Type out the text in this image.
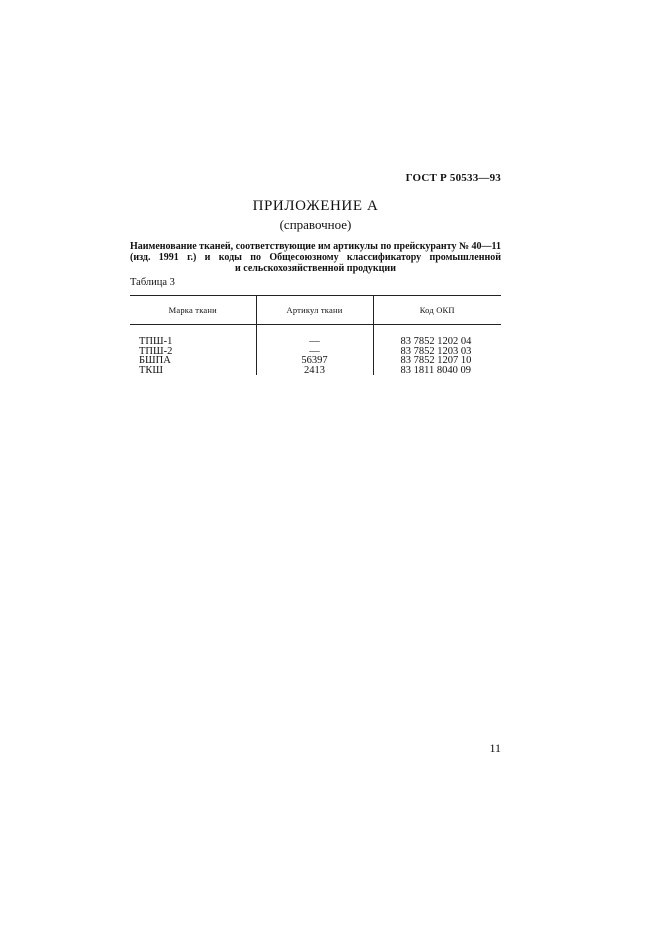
ГОСТ Р 50533—93
ПРИЛОЖЕНИЕ А
(справочное)
Наименование тканей, соответствующие им артикулы по прейскуранту № 40—11
(изд. 1991 г.) и коды по Общесоюзному классификатору промышленной
и сельскохозяйственной продукции
Таблица 3
Марка ткани	Артикул ткани	Код ОКП
ТПШ-1	—	83 7852 1202 04
ТПШ-2	—	83 7852 1203 03
БШПА	56397	83 7852 1207 10
ТКШ	2413	83 1811 8040 09
11
